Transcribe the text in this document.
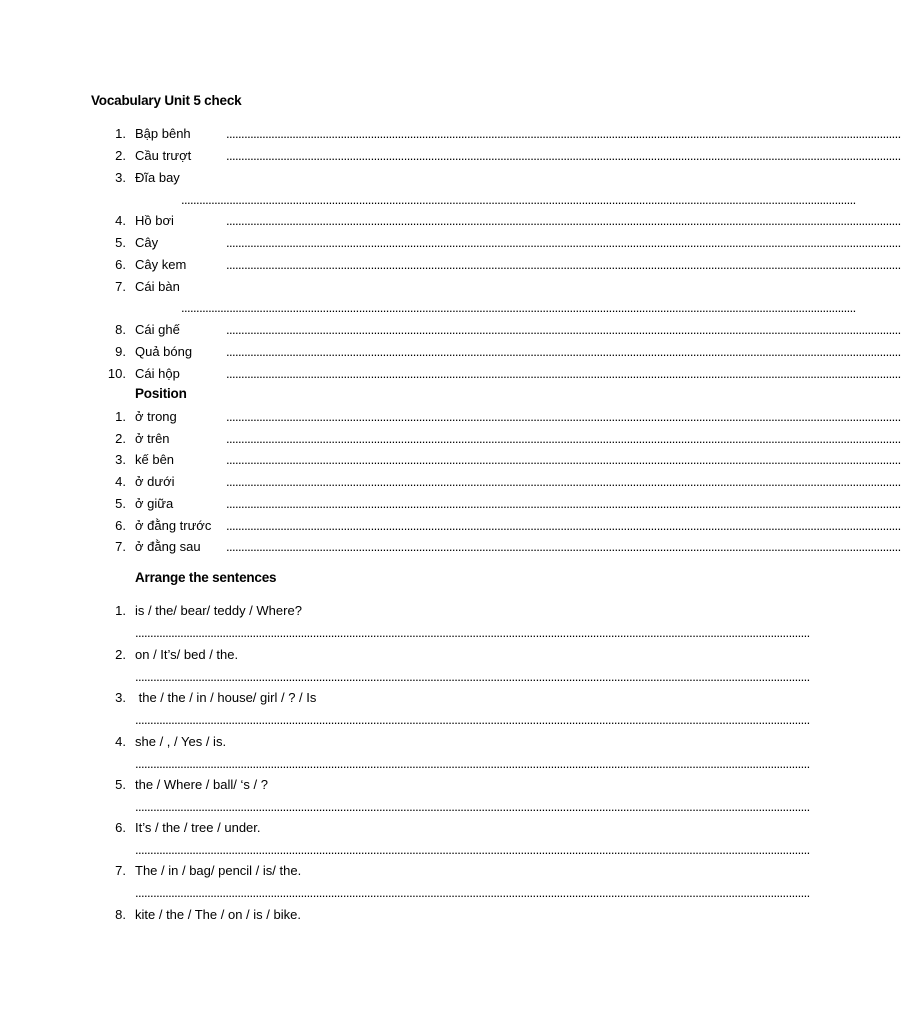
Vocabulary Unit 5 check
1. Bập bênh	................................................................................................................................................................................................................................
2. Cầu trượt	................................................................................................................................................................................................................................
3. Đĩa bay
................................................................................................................................................................................................................................
4. Hồ bơi	................................................................................................................................................................................................................................
5. Cây	................................................................................................................................................................................................................................
6. Cây kem	................................................................................................................................................................................................................................
7. Cái bàn
................................................................................................................................................................................................................................
8. Cái ghế	................................................................................................................................................................................................................................
9. Quả bóng	................................................................................................................................................................................................................................
10. Cái hộp	................................................................................................................................................................................................................................
Position
1. ở trong	................................................................................................................................................................................................................................
2. ở trên	................................................................................................................................................................................................................................
3. kế bên	................................................................................................................................................................................................................................
4. ở dưới	................................................................................................................................................................................................................................
5. ở giữa	................................................................................................................................................................................................................................
6. ở đằng trước ................................................................................................................................................................................................................................
7. ở đằng sau ................................................................................................................................................................................................................................
Arrange the sentences
1. is / the/ bear/ teddy / Where?
................................................................................................................................................................................................................................
2. on / It’s/ bed / the.
................................................................................................................................................................................................................................
3. the / the / in / house/ girl / ? / Is
................................................................................................................................................................................................................................
4. she / , / Yes / is.
................................................................................................................................................................................................................................
5. the / Where / ball/ ‘s / ?
................................................................................................................................................................................................................................
6. It’s / the / tree / under.
................................................................................................................................................................................................................................
7. The / in / bag/ pencil / is/ the.
................................................................................................................................................................................................................................
8. kite / the / The / on / is / bike.
